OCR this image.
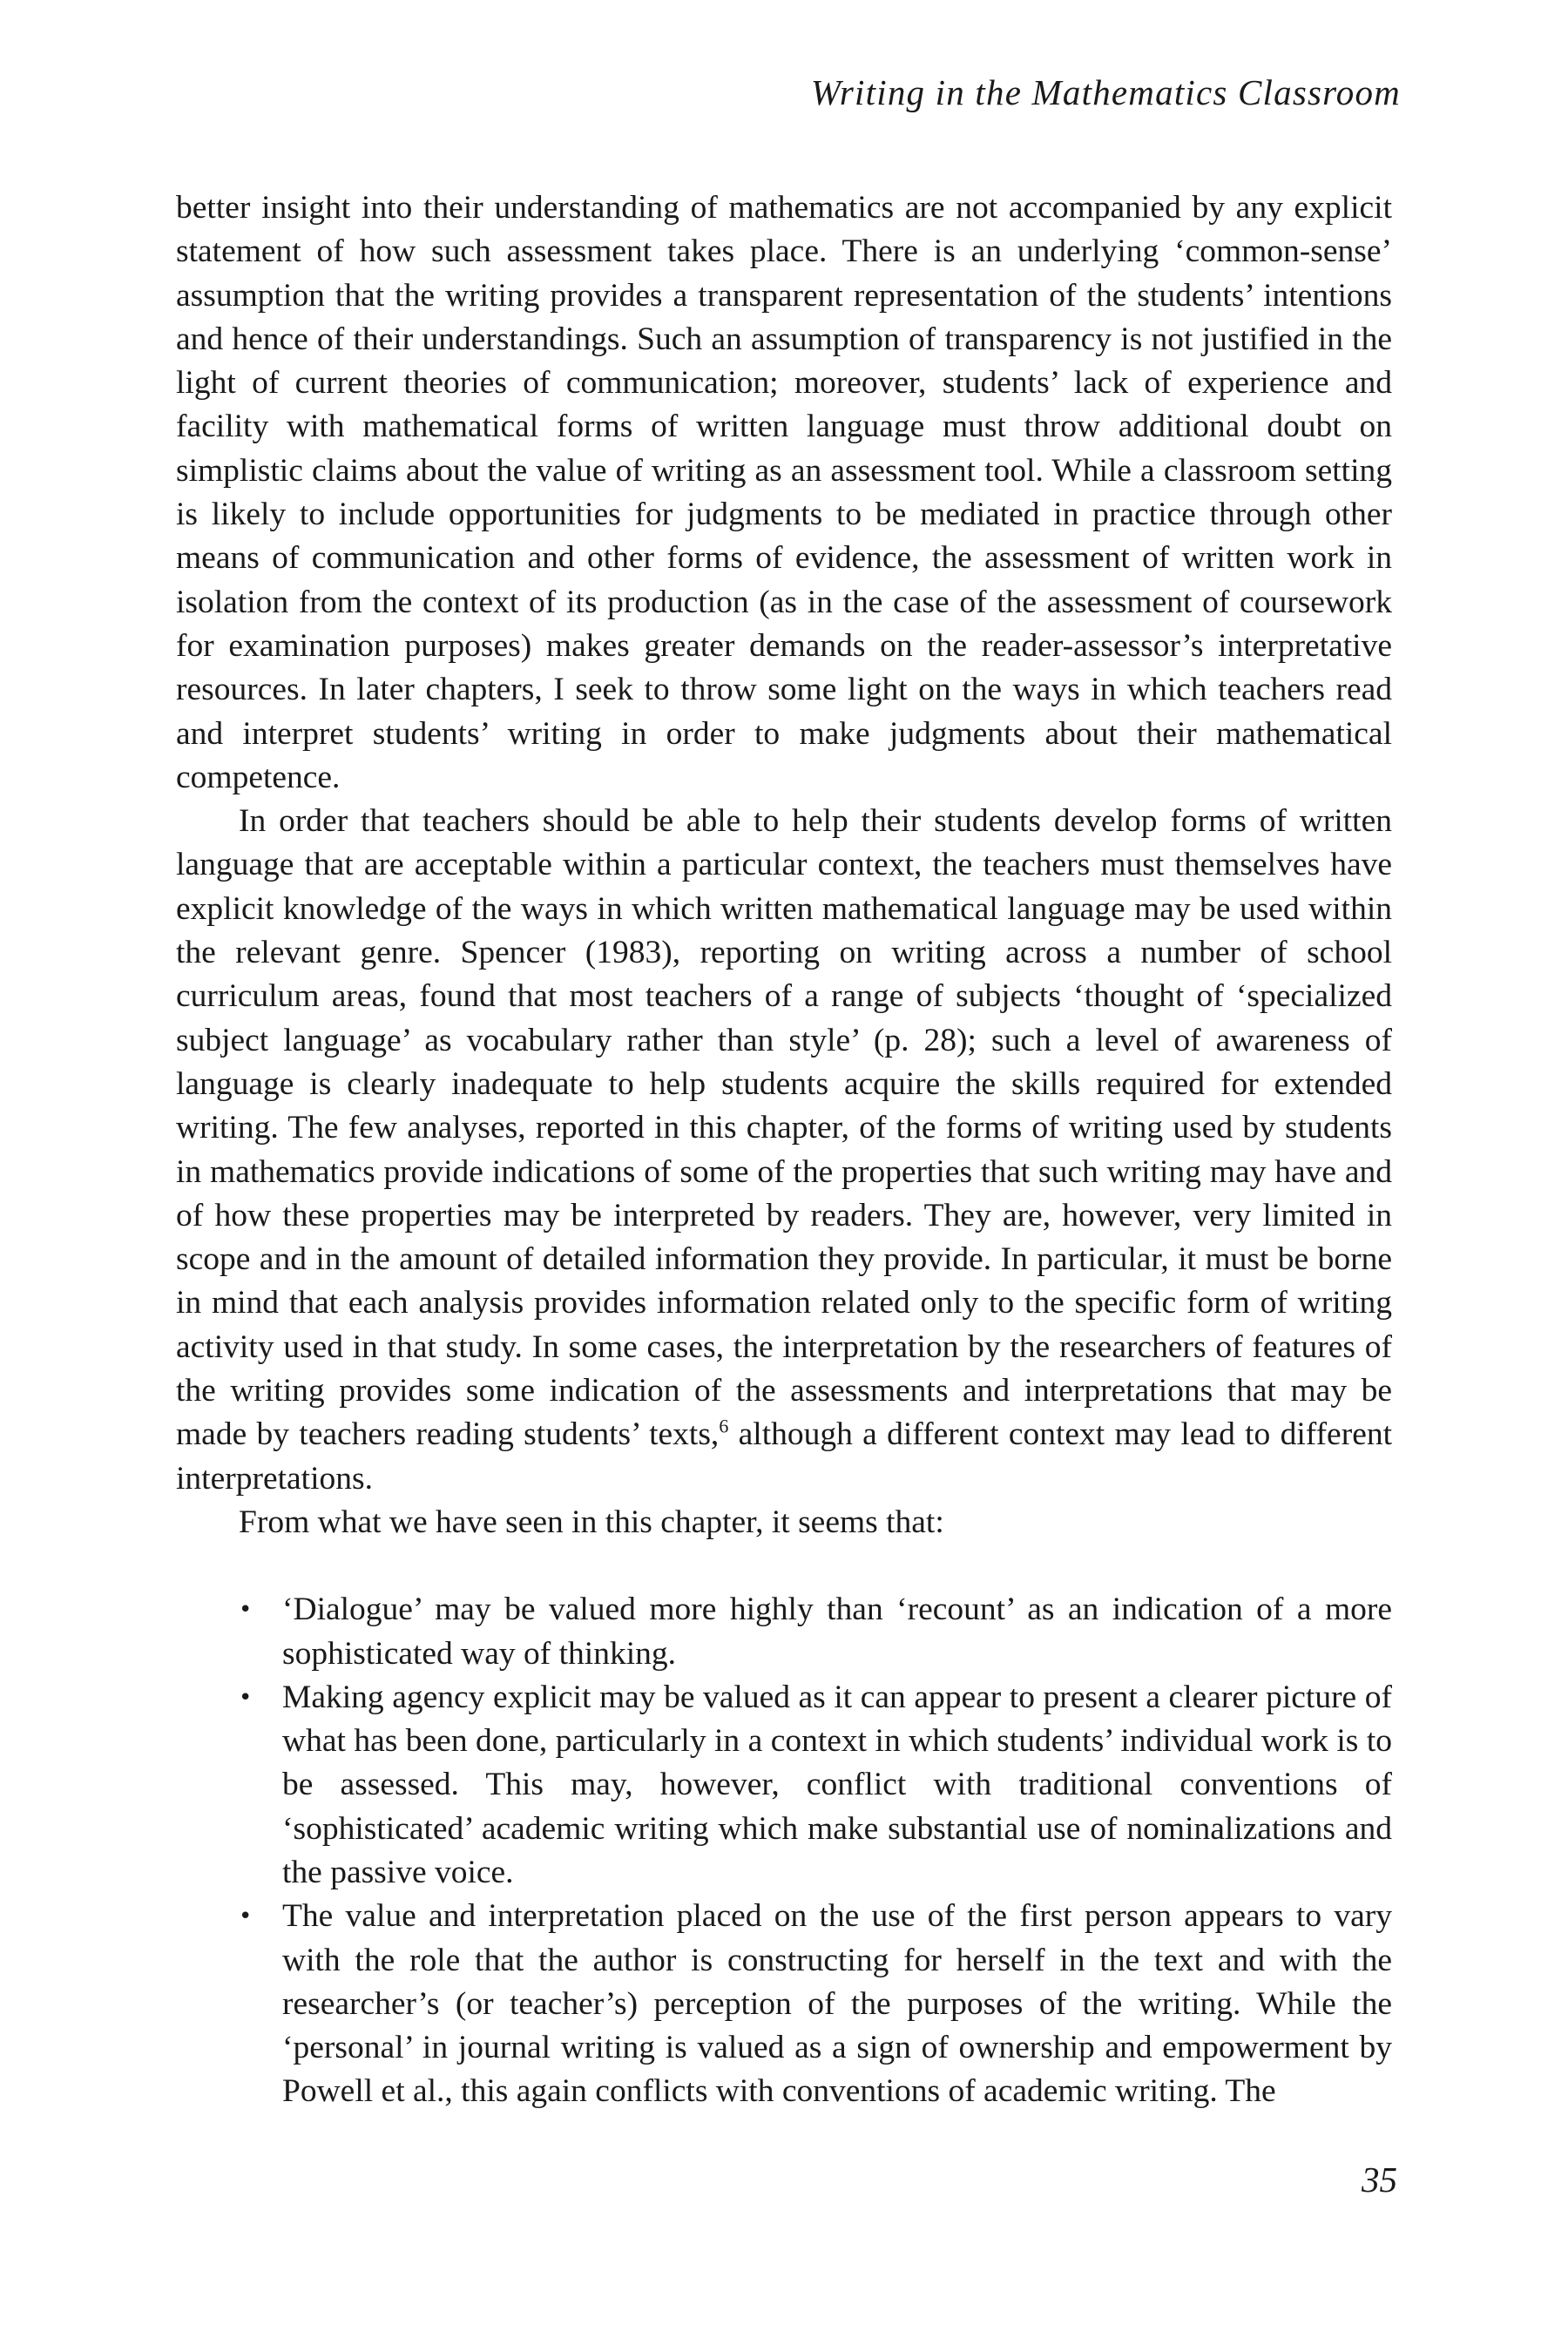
Writing in the Mathematics Classroom

better insight into their understanding of mathematics are not accompanied by any explicit statement of how such assessment takes place. There is an underlying ‘common-sense’ assumption that the writing provides a transparent representation of the students’ intentions and hence of their understandings. Such an assumption of transparency is not justified in the light of current theories of communication; moreover, students’ lack of experience and facility with mathematical forms of written language must throw additional doubt on simplistic claims about the value of writing as an assessment tool. While a classroom setting is likely to include opportunities for judgments to be mediated in practice through other means of communication and other forms of evidence, the assessment of written work in isolation from the context of its production (as in the case of the assessment of coursework for examination purposes) makes greater demands on the reader-assessor’s interpretative resources. In later chapters, I seek to throw some light on the ways in which teachers read and interpret students’ writing in order to make judgments about their mathematical competence.

In order that teachers should be able to help their students develop forms of written language that are acceptable within a particular context, the teachers must themselves have explicit knowledge of the ways in which written mathematical language may be used within the relevant genre. Spencer (1983), reporting on writing across a number of school curriculum areas, found that most teachers of a range of subjects ‘thought of ‘specialized subject language’ as vocabulary rather than style’ (p. 28); such a level of awareness of language is clearly inadequate to help students acquire the skills required for extended writing. The few analyses, reported in this chapter, of the forms of writing used by students in mathematics provide indications of some of the properties that such writing may have and of how these properties may be interpreted by readers. They are, however, very limited in scope and in the amount of detailed information they provide. In particular, it must be borne in mind that each analysis provides information related only to the specific form of writing activity used in that study. In some cases, the interpretation by the researchers of features of the writing provides some indication of the assessments and interpretations that may be made by teachers reading students’ texts,$^6$ although a different context may lead to different interpretations.

From what we have seen in this chapter, it seems that:

• ‘Dialogue’ may be valued more highly than ‘recount’ as an indication of a more sophisticated way of thinking.
• Making agency explicit may be valued as it can appear to present a clearer picture of what has been done, particularly in a context in which students’ individual work is to be assessed. This may, however, conflict with traditional conventions of ‘sophisticated’ academic writing which make substantial use of nominalizations and the passive voice.
• The value and interpretation placed on the use of the first person appears to vary with the role that the author is constructing for herself in the text and with the researcher’s (or teacher’s) perception of the purposes of the writing. While the ‘personal’ in journal writing is valued as a sign of ownership and empowerment by Powell et al., this again conflicts with conventions of academic writing. The
35
